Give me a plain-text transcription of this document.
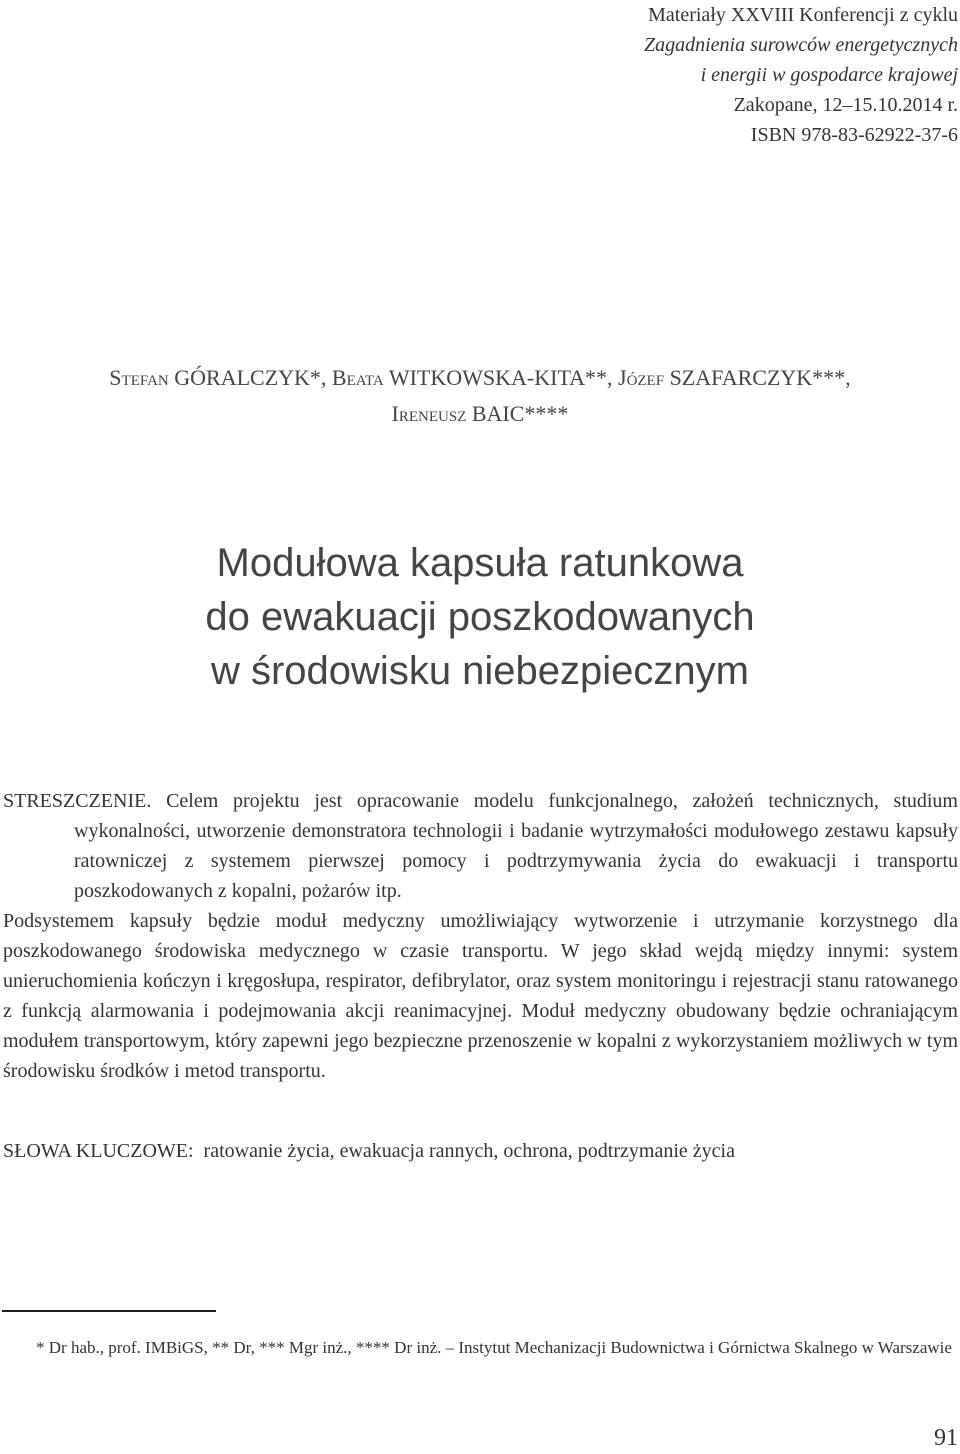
Materiały XXVIII Konferencji z cyklu
Zagadnienia surowców energetycznych
i energii w gospodarce krajowej
Zakopane, 12–15.10.2014 r.
ISBN 978-83-62922-37-6
Stefan GÓRALCZYK*, Beata WITKOWSKA-KITA**, Józef SZAFARCZYK***,
Ireneusz BAIC****
Modułowa kapsuła ratunkowa
do ewakuacji poszkodowanych
w środowisku niebezpiecznym

STRESZCZENIE. Celem projektu jest opracowanie modelu funkcjonalnego, założeń technicznych, studium wykonalności, utworzenie demonstratora technologii i badanie wytrzymałości modułowego zestawu kapsuły ratowniczej z systemem pierwszej pomocy i podtrzymywania życia do ewakuacji i transportu poszkodowanych z kopalni, pożarów itp.

Podsystemem kapsuły będzie moduł medyczny umożliwiający wytworzenie i utrzymanie korzystnego dla poszkodowanego środowiska medycznego w czasie transportu. W jego skład wejdą między innymi: system unieruchomienia kończyn i kręgosłupa, respirator, defibrylator, oraz system monitoringu i rejestracji stanu ratowanego z funkcją alarmowania i podejmowania akcji reanimacyjnej. Moduł medyczny obudowany będzie ochraniającym modułem transportowym, który zapewni jego bezpieczne przenoszenie w kopalni z wykorzystaniem możliwych w tym środowisku środków i metod transportu.

SŁOWA KLUCZOWE: ratowanie życia, ewakuacja rannych, ochrona, podtrzymanie życia
* Dr hab., prof. IMBiGS, ** Dr, *** Mgr inż., **** Dr inż. – Instytut Mechanizacji Budownictwa i Górnictwa Skalnego w Warszawie
91
